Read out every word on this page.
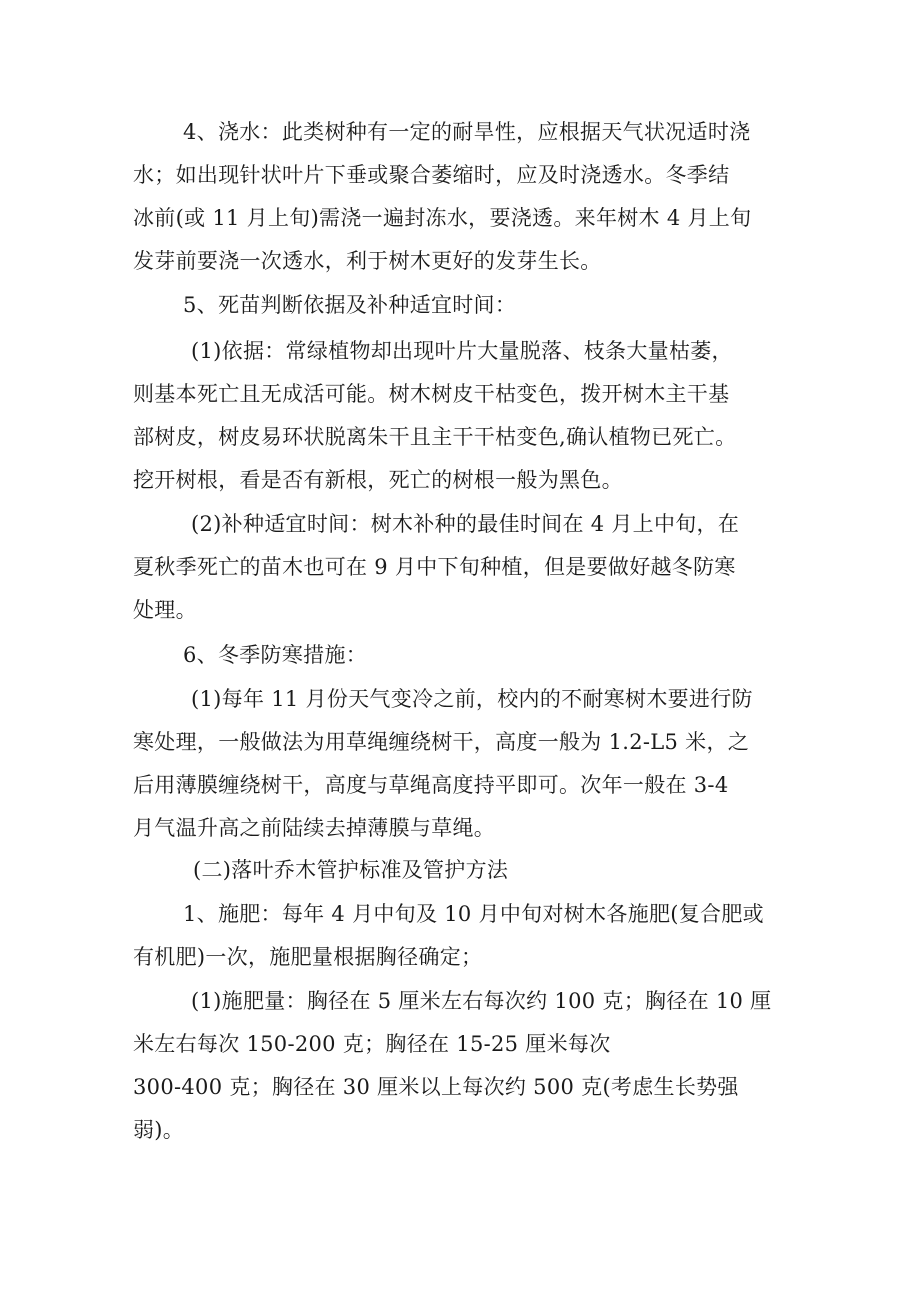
4、浇水：此类树种有一定的耐旱性，应根据天气状况适时浇
水；如出现针状叶片下垂或聚合萎缩时，应及时浇透水。冬季结
冰前(或 11 月上旬)需浇一遍封冻水，要浇透。来年树木 4 月上旬
发芽前要浇一次透水，利于树木更好的发芽生长。
5、死苗判断依据及补种适宜时间：
(1)依据：常绿植物却出现叶片大量脱落、枝条大量枯萎，
则基本死亡且无成活可能。树木树皮干枯变色，拨开树木主干基
部树皮，树皮易环状脱离朱干且主干干枯变色,确认植物已死亡。
挖开树根，看是否有新根，死亡的树根一般为黑色。
(2)补种适宜时间：树木补种的最佳时间在 4 月上中旬，在
夏秋季死亡的苗木也可在 9 月中下旬种植，但是要做好越冬防寒
处理。
6、冬季防寒措施：
(1)每年 11 月份天气变冷之前，校内的不耐寒树木要进行防
寒处理，一般做法为用草绳缠绕树干，高度一般为 1.2-L5 米，之
后用薄膜缠绕树干，高度与草绳高度持平即可。次年一般在 3-4
月气温升高之前陆续去掉薄膜与草绳。
(二)落叶乔木管护标准及管护方法
1、施肥：每年 4 月中旬及 10 月中旬对树木各施肥(复合肥或
有机肥)一次，施肥量根据胸径确定；
(1)施肥量：胸径在 5 厘米左右每次约 100 克；胸径在 10 厘
米左右每次 150-200 克；胸径在 15-25 厘米每次
300-400 克；胸径在 30 厘米以上每次约 500 克(考虑生长势强
弱)。
